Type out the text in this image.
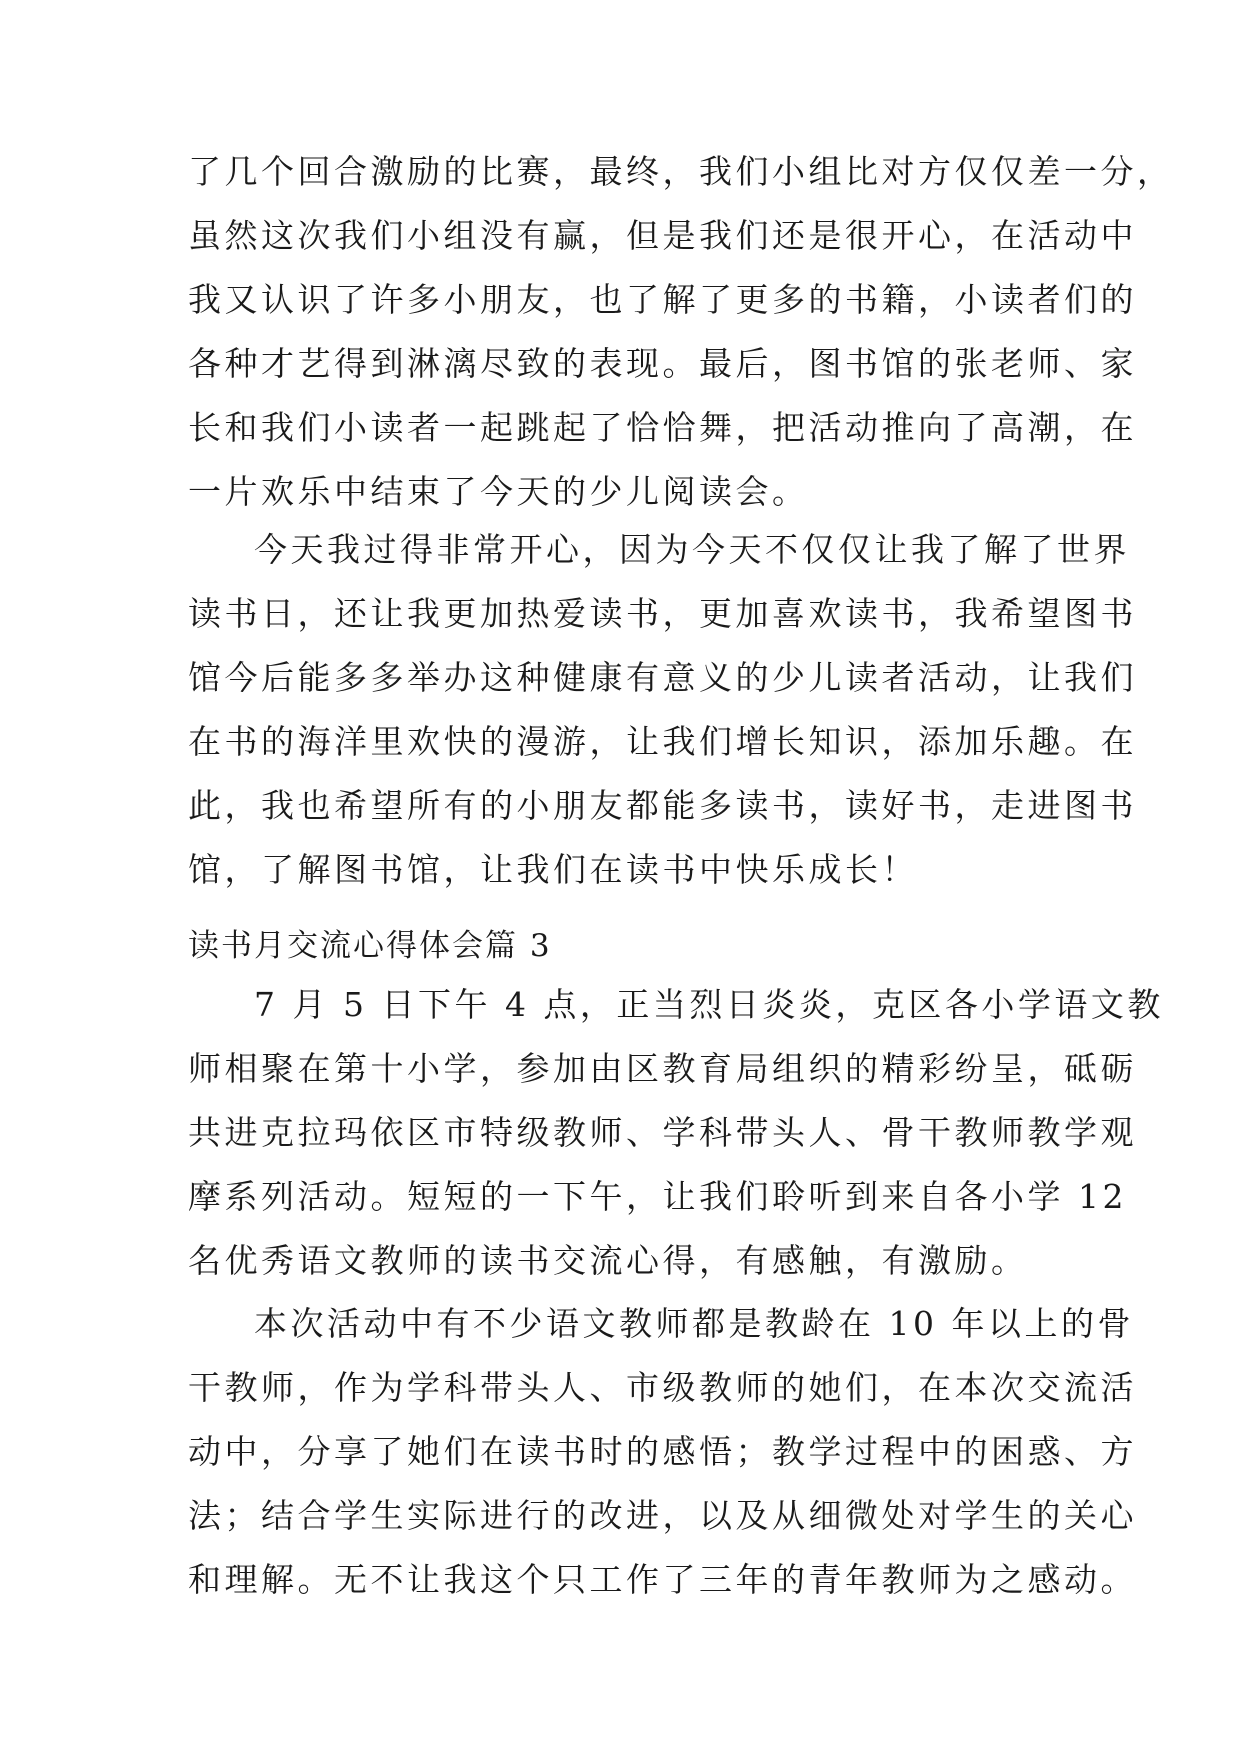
了几个回合激励的比赛，最终，我们小组比对方仅仅差一分，
虽然这次我们小组没有赢，但是我们还是很开心，在活动中
我又认识了许多小朋友，也了解了更多的书籍，小读者们的
各种才艺得到淋漓尽致的表现。最后，图书馆的张老师、家
长和我们小读者一起跳起了恰恰舞，把活动推向了高潮，在
一片欢乐中结束了今天的少儿阅读会。
今天我过得非常开心，因为今天不仅仅让我了解了世界
读书日，还让我更加热爱读书，更加喜欢读书，我希望图书
馆今后能多多举办这种健康有意义的少儿读者活动，让我们
在书的海洋里欢快的漫游，让我们增长知识，添加乐趣。在
此，我也希望所有的小朋友都能多读书，读好书，走进图书
馆，了解图书馆，让我们在读书中快乐成长！
读书月交流心得体会篇 3
7 月 5 日下午 4 点，正当烈日炎炎，克区各小学语文教
师相聚在第十小学，参加由区教育局组织的精彩纷呈，砥砺
共进克拉玛依区市特级教师、学科带头人、骨干教师教学观
摩系列活动。短短的一下午，让我们聆听到来自各小学 12
名优秀语文教师的读书交流心得，有感触，有激励。
本次活动中有不少语文教师都是教龄在 10 年以上的骨
干教师，作为学科带头人、市级教师的她们，在本次交流活
动中，分享了她们在读书时的感悟；教学过程中的困惑、方
法；结合学生实际进行的改进，以及从细微处对学生的关心
和理解。无不让我这个只工作了三年的青年教师为之感动。
